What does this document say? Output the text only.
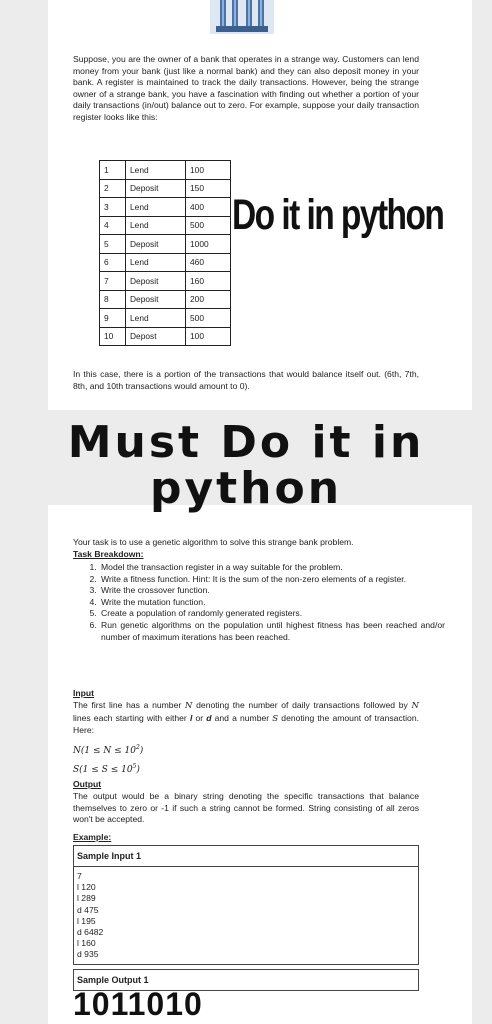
Suppose, you are the owner of a bank that operates in a strange way. Customers can lend money from your bank (just like a normal bank) and they can also deposit money in your bank. A register is maintained to track the daily transactions. However, being the strange owner of a strange bank, you have a fascination with finding out whether a portion of your daily transactions (in/out) balance out to zero. For example, suppose your daily transaction register looks like this:
1	Lend	100
2	Deposit	150
3	Lend	400
4	Lend	500
5	Deposit	1000
6	Lend	460
7	Deposit	160
8	Deposit	200
9	Lend	500
10	Depost	100
Do it in python
In this case, there is a portion of the transactions that would balance itself out. (6th, 7th, 8th, and 10th transactions would amount to 0).
Must Do it in
python
Your task is to use a genetic algorithm to solve this strange bank problem.
Task Breakdown:
1. Model the transaction register in a way suitable for the problem.
2. Write a fitness function. Hint: It is the sum of the non-zero elements of a register.
3. Write the crossover function.
4. Write the mutation function.
5. Create a population of randomly generated registers.
6. Run genetic algorithms on the population until highest fitness has been reached and/or number of maximum iterations has been reached.
Input
The first line has a number N denoting the number of daily transactions followed by N lines each starting with either l or d and a number S denoting the amount of transaction. Here:
$N(1 \le N \le 10^2)$
$S(1 \le S \le 10^5)$
Output
The output would be a binary string denoting the specific transactions that balance themselves to zero or -1 if such a string cannot be formed. String consisting of all zeros won't be accepted.
Example:
Sample Input 1
7
l 120
l 289
d 475
l 195
d 6482
l 160
d 935
Sample Output 1
1011010
